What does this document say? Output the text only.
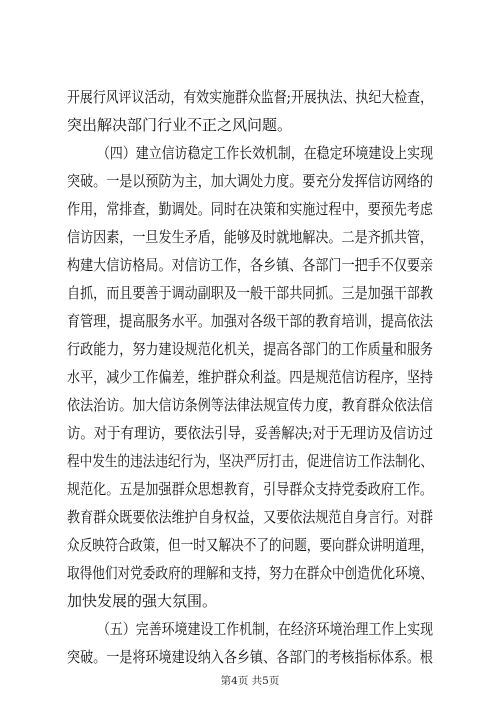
开展行风评议活动，有效实施群众监督;开展执法、执纪大检查，
突出解决部门行业不正之风问题。
（四）建立信访稳定工作长效机制，在稳定环境建设上实现
突破。一是以预防为主，加大调处力度。要充分发挥信访网络的
作用，常排查，勤调处。同时在决策和实施过程中，要预先考虑
信访因素，一旦发生矛盾，能够及时就地解决。二是齐抓共管，
构建大信访格局。对信访工作，各乡镇、各部门一把手不仅要亲
自抓，而且要善于调动副职及一般干部共同抓。三是加强干部教
育管理，提高服务水平。加强对各级干部的教育培训，提高依法
行政能力，努力建设规范化机关，提高各部门的工作质量和服务
水平，减少工作偏差，维护群众利益。四是规范信访程序，坚持
依法治访。加大信访条例等法律法规宣传力度，教育群众依法信
访。对于有理访，要依法引导，妥善解决;对于无理访及信访过
程中发生的违法违纪行为，坚决严厉打击，促进信访工作法制化、
规范化。五是加强群众思想教育，引导群众支持党委政府工作。
教育群众既要依法维护自身权益，又要依法规范自身言行。对群
众反映符合政策，但一时又解决不了的问题，要向群众讲明道理，
取得他们对党委政府的理解和支持，努力在群众中创造优化环境、
加快发展的强大氛围。
（五）完善环境建设工作机制，在经济环境治理工作上实现
突破。一是将环境建设纳入各乡镇、各部门的考核指标体系。根
第4页 共5页
